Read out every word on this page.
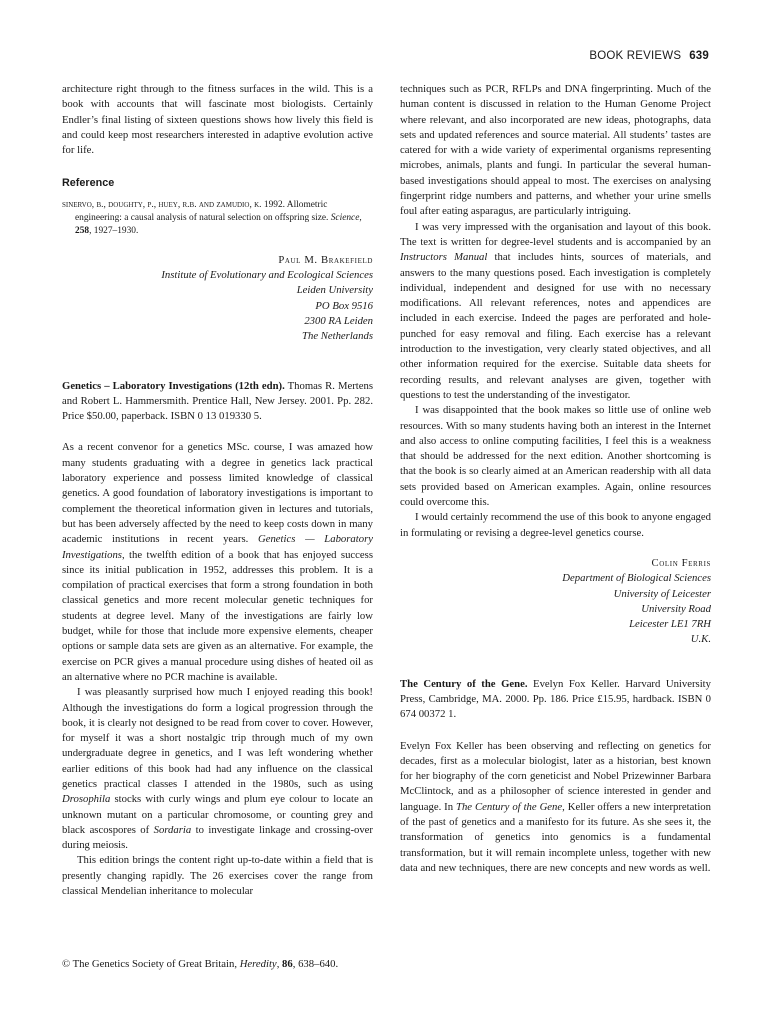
BOOK REVIEWS 639

architecture right through to the fitness surfaces in the wild. This is a book with accounts that will fascinate most biologists. Certainly Endler’s final listing of sixteen questions shows how lively this field is and could keep most researchers interested in adaptive evolution active for life.

Reference

sinervo, b., doughty, p., huey, r.b. and zamudio, k. 1992. Allometric engineering: a causal analysis of natural selection on offspring size. Science, 258, 1927–1930.

Paul M. Brakefield
Institute of Evolutionary and Ecological Sciences
Leiden University
PO Box 9516
2300 RA Leiden
The Netherlands

Genetics – Laboratory Investigations (12th edn). Thomas R. Mertens and Robert L. Hammersmith. Prentice Hall, New Jersey. 2001. Pp. 282. Price $50.00, paperback. ISBN 0 13 019330 5.

As a recent convenor for a genetics MSc. course, I was amazed how many students graduating with a degree in genetics lack practical laboratory experience and possess limited knowledge of classical genetics. A good foundation of laboratory investigations is important to complement the theoretical information given in lectures and tutorials, but has been adversely affected by the need to keep costs down in many academic institutions in recent years. Genetics — Laboratory Investigations, the twelfth edition of a book that has enjoyed success since its initial publication in 1952, addresses this problem. It is a compilation of practical exercises that form a strong foundation in both classical genetics and more recent molecular genetic techniques for students at degree level. Many of the investigations are fairly low budget, while for those that include more expensive elements, cheaper options or sample data sets are given as an alternative. For example, the exercise on PCR gives a manual procedure using dishes of heated oil as an alternative where no PCR machine is available.

I was pleasantly surprised how much I enjoyed reading this book! Although the investigations do form a logical progression through the book, it is clearly not designed to be read from cover to cover. However, for myself it was a short nostalgic trip through much of my own undergraduate degree in genetics, and I was left wondering whether earlier editions of this book had had any influence on the classical genetics practical classes I attended in the 1980s, such as using Drosophila stocks with curly wings and plum eye colour to locate an unknown mutant on a particular chromosome, or counting grey and black ascospores of Sordaria to investigate linkage and crossing-over during meiosis.

This edition brings the content right up-to-date within a field that is presently changing rapidly. The 26 exercises cover the range from classical Mendelian inheritance to molecular

techniques such as PCR, RFLPs and DNA fingerprinting. Much of the human content is discussed in relation to the Human Genome Project where relevant, and also incorporated are new ideas, photographs, data sets and updated references and source material. All students’ tastes are catered for with a wide variety of experimental organisms representing microbes, animals, plants and fungi. In particular the several human-based investigations should appeal to most. The exercises on analysing fingerprint ridge numbers and patterns, and whether your urine smells foul after eating asparagus, are particularly intriguing.

I was very impressed with the organisation and layout of this book. The text is written for degree-level students and is accompanied by an Instructors Manual that includes hints, sources of materials, and answers to the many questions posed. Each investigation is completely individual, independent and designed for use with no necessary modifications. All relevant references, notes and appendices are included in each exercise. Indeed the pages are perforated and hole-punched for easy removal and filing. Each exercise has a relevant introduction to the investigation, very clearly stated objectives, and all other information required for the exercise. Suitable data sheets for recording results, and relevant analyses are given, together with questions to test the understanding of the investigator.

I was disappointed that the book makes so little use of online web resources. With so many students having both an interest in the Internet and also access to online computing facilities, I feel this is a weakness that should be addressed for the next edition. Another shortcoming is that the book is so clearly aimed at an American readership with all data sets provided based on American examples. Again, online resources could overcome this.

I would certainly recommend the use of this book to anyone engaged in formulating or revising a degree-level genetics course.

Colin Ferris
Department of Biological Sciences
University of Leicester
University Road
Leicester LE1 7RH
U.K.

The Century of the Gene. Evelyn Fox Keller. Harvard University Press, Cambridge, MA. 2000. Pp. 186. Price £15.95, hardback. ISBN 0 674 00372 1.

Evelyn Fox Keller has been observing and reflecting on genetics for decades, first as a molecular biologist, later as a historian, best known for her biography of the corn geneticist and Nobel Prizewinner Barbara McClintock, and as a philosopher of science interested in gender and language. In The Century of the Gene, Keller offers a new interpretation of the past of genetics and a manifesto for its future. As she sees it, the transformation of genetics into genomics is a fundamental transformation, but it will remain incomplete unless, together with new data and new techniques, there are new concepts and new words as well.

© The Genetics Society of Great Britain, Heredity, 86, 638–640.
